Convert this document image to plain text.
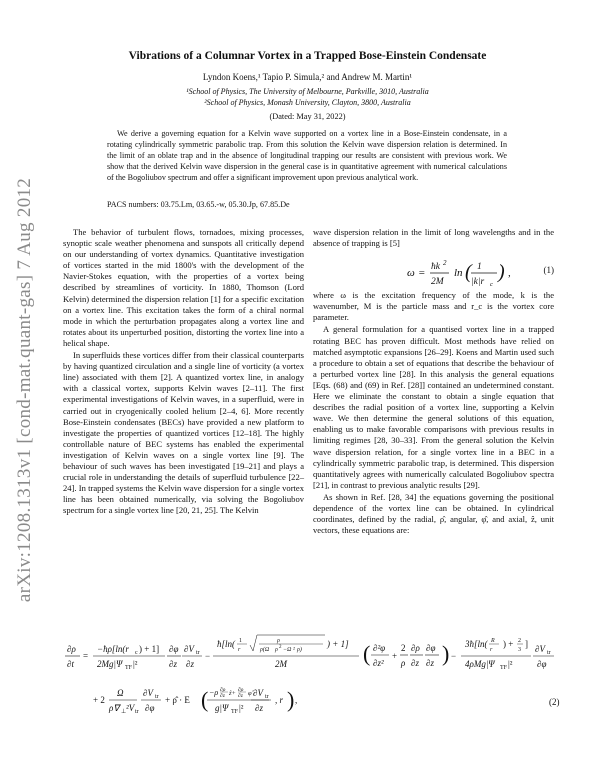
arXiv:1208.1313v1 [cond-mat.quant-gas] 7 Aug 2012
Vibrations of a Columnar Vortex in a Trapped Bose-Einstein Condensate
Lyndon Koens,¹ Tapio P. Simula,² and Andrew M. Martin¹
¹School of Physics, The University of Melbourne, Parkville, 3010, Australia
²School of Physics, Monash University, Clayton, 3800, Australia
(Dated: May 31, 2022)
We derive a governing equation for a Kelvin wave supported on a vortex line in a Bose-Einstein condensate, in a rotating cylindrically symmetric parabolic trap. From this solution the Kelvin wave dispersion relation is determined. In the limit of an oblate trap and in the absence of longitudinal trapping our results are consistent with previous work. We show that the derived Kelvin wave dispersion in the general case is in quantitative agreement with numerical calculations of the Bogoliubov spectrum and offer a significant improvement upon previous analytical work.
PACS numbers: 03.75.Lm, 03.65.-w, 05.30.Jp, 67.85.De

The behavior of turbulent flows, tornadoes, mixing processes, synoptic scale weather phenomena and sunspots all critically depend on our understanding of vortex dynamics. Quantitative investigation of vortices started in the mid 1800's with the development of the Navier-Stokes equation, with the properties of a vortex being described by streamlines of vorticity. In 1880, Thomson (Lord Kelvin) determined the dispersion relation [1] for a specific excitation on a vortex line. This excitation takes the form of a chiral normal mode in which the perturbation propagates along a vortex line and rotates about its unperturbed position, distorting the vortex line into a helical shape.

In superfluids these vortices differ from their classical counterparts by having quantized circulation and a single line of vorticity (a vortex line) associated with them [2]. A quantized vortex line, in analogy with a classical vortex, supports Kelvin waves [2–11]. The first experimental investigations of Kelvin waves, in a superfluid, were in carried out in cryogenically cooled helium [2–4, 6]. More recently Bose-Einstein condensates (BECs) have provided a new platform to investigate the properties of quantized vortices [12–18]. The highly controllable nature of BEC systems has enabled the experimental investigation of Kelvin waves on a single vortex line [9]. The behaviour of such waves has been investigated [19–21] and plays a crucial role in understanding the details of superfluid turbulence [22–24]. In trapped systems the Kelvin wave dispersion for a single vortex line has been obtained numerically, via solving the Bogoliubov spectrum for a single vortex line [20, 21, 25]. The Kelvin

wave dispersion relation in the limit of long wavelengths and in the absence of trapping is [5]

ω = ħk 2
2M
ln ( 1
|k|r c
) ,	(1)

where ω is the excitation frequency of the mode, k is the wavenumber, M is the particle mass and r_c is the vortex core parameter.

A general formulation for a quantised vortex line in a trapped rotating BEC has proven difficult. Most methods have relied on matched asymptotic expansions [26–29]. Koens and Martin used such a procedure to obtain a set of equations that describe the behaviour of a perturbed vortex line [28]. In this analysis the general equations [Eqs. (68) and (69) in Ref. [28]] contained an undetermined constant. Here we eliminate the constant to obtain a single equation that describes the radial position of a vortex line, supporting a Kelvin wave. We then determine the general solutions of this equation, enabling us to make favorable comparisons with previous results in limiting regimes [28, 30–33]. From the general solution the Kelvin wave dispersion relation, for a single vortex line in a BEC in a cylindrically symmetric parabolic trap, is determined. This dispersion quantitatively agrees with numerically calculated Bogoliubov spectra [21], in contrast to previous analytic results [29].

As shown in Ref. [28, 34] the equations governing the positional dependence of the vortex line can be obtained. In cylindrical coordinates, defined by the radial, ρ̂, angular, φ̂, and axial, ẑ, unit vectors, these equations are:

∂ρ
∂t
=
−ħρ[ln(r c ) + 1]
2Mg|Ψ TF |²
∂φ
∂z
∂V tr
∂z
−
ħ[ln( 1
r
ρ
ρ(Ω ρ 2 −Ω ² ρ)
) + 1]
2M	( ∂²φ
∂z²
+
2
ρ
∂ρ
∂z
∂φ
∂z ) −
3ħ[ln( R
r
) + 2
3
]
4ρMg|Ψ TF |²
∂V tr
∂φ
+ 2
Ω
ρ∇ ⊥ ²V tr
∂V tr
∂φ
+ ρ̂ · E ( −ρ ∂ρ
∂z ẑ+ ∂ρ
∂z φ̂
g|Ψ TF |²
∂V tr
∂z
, r ) ,	(2)
